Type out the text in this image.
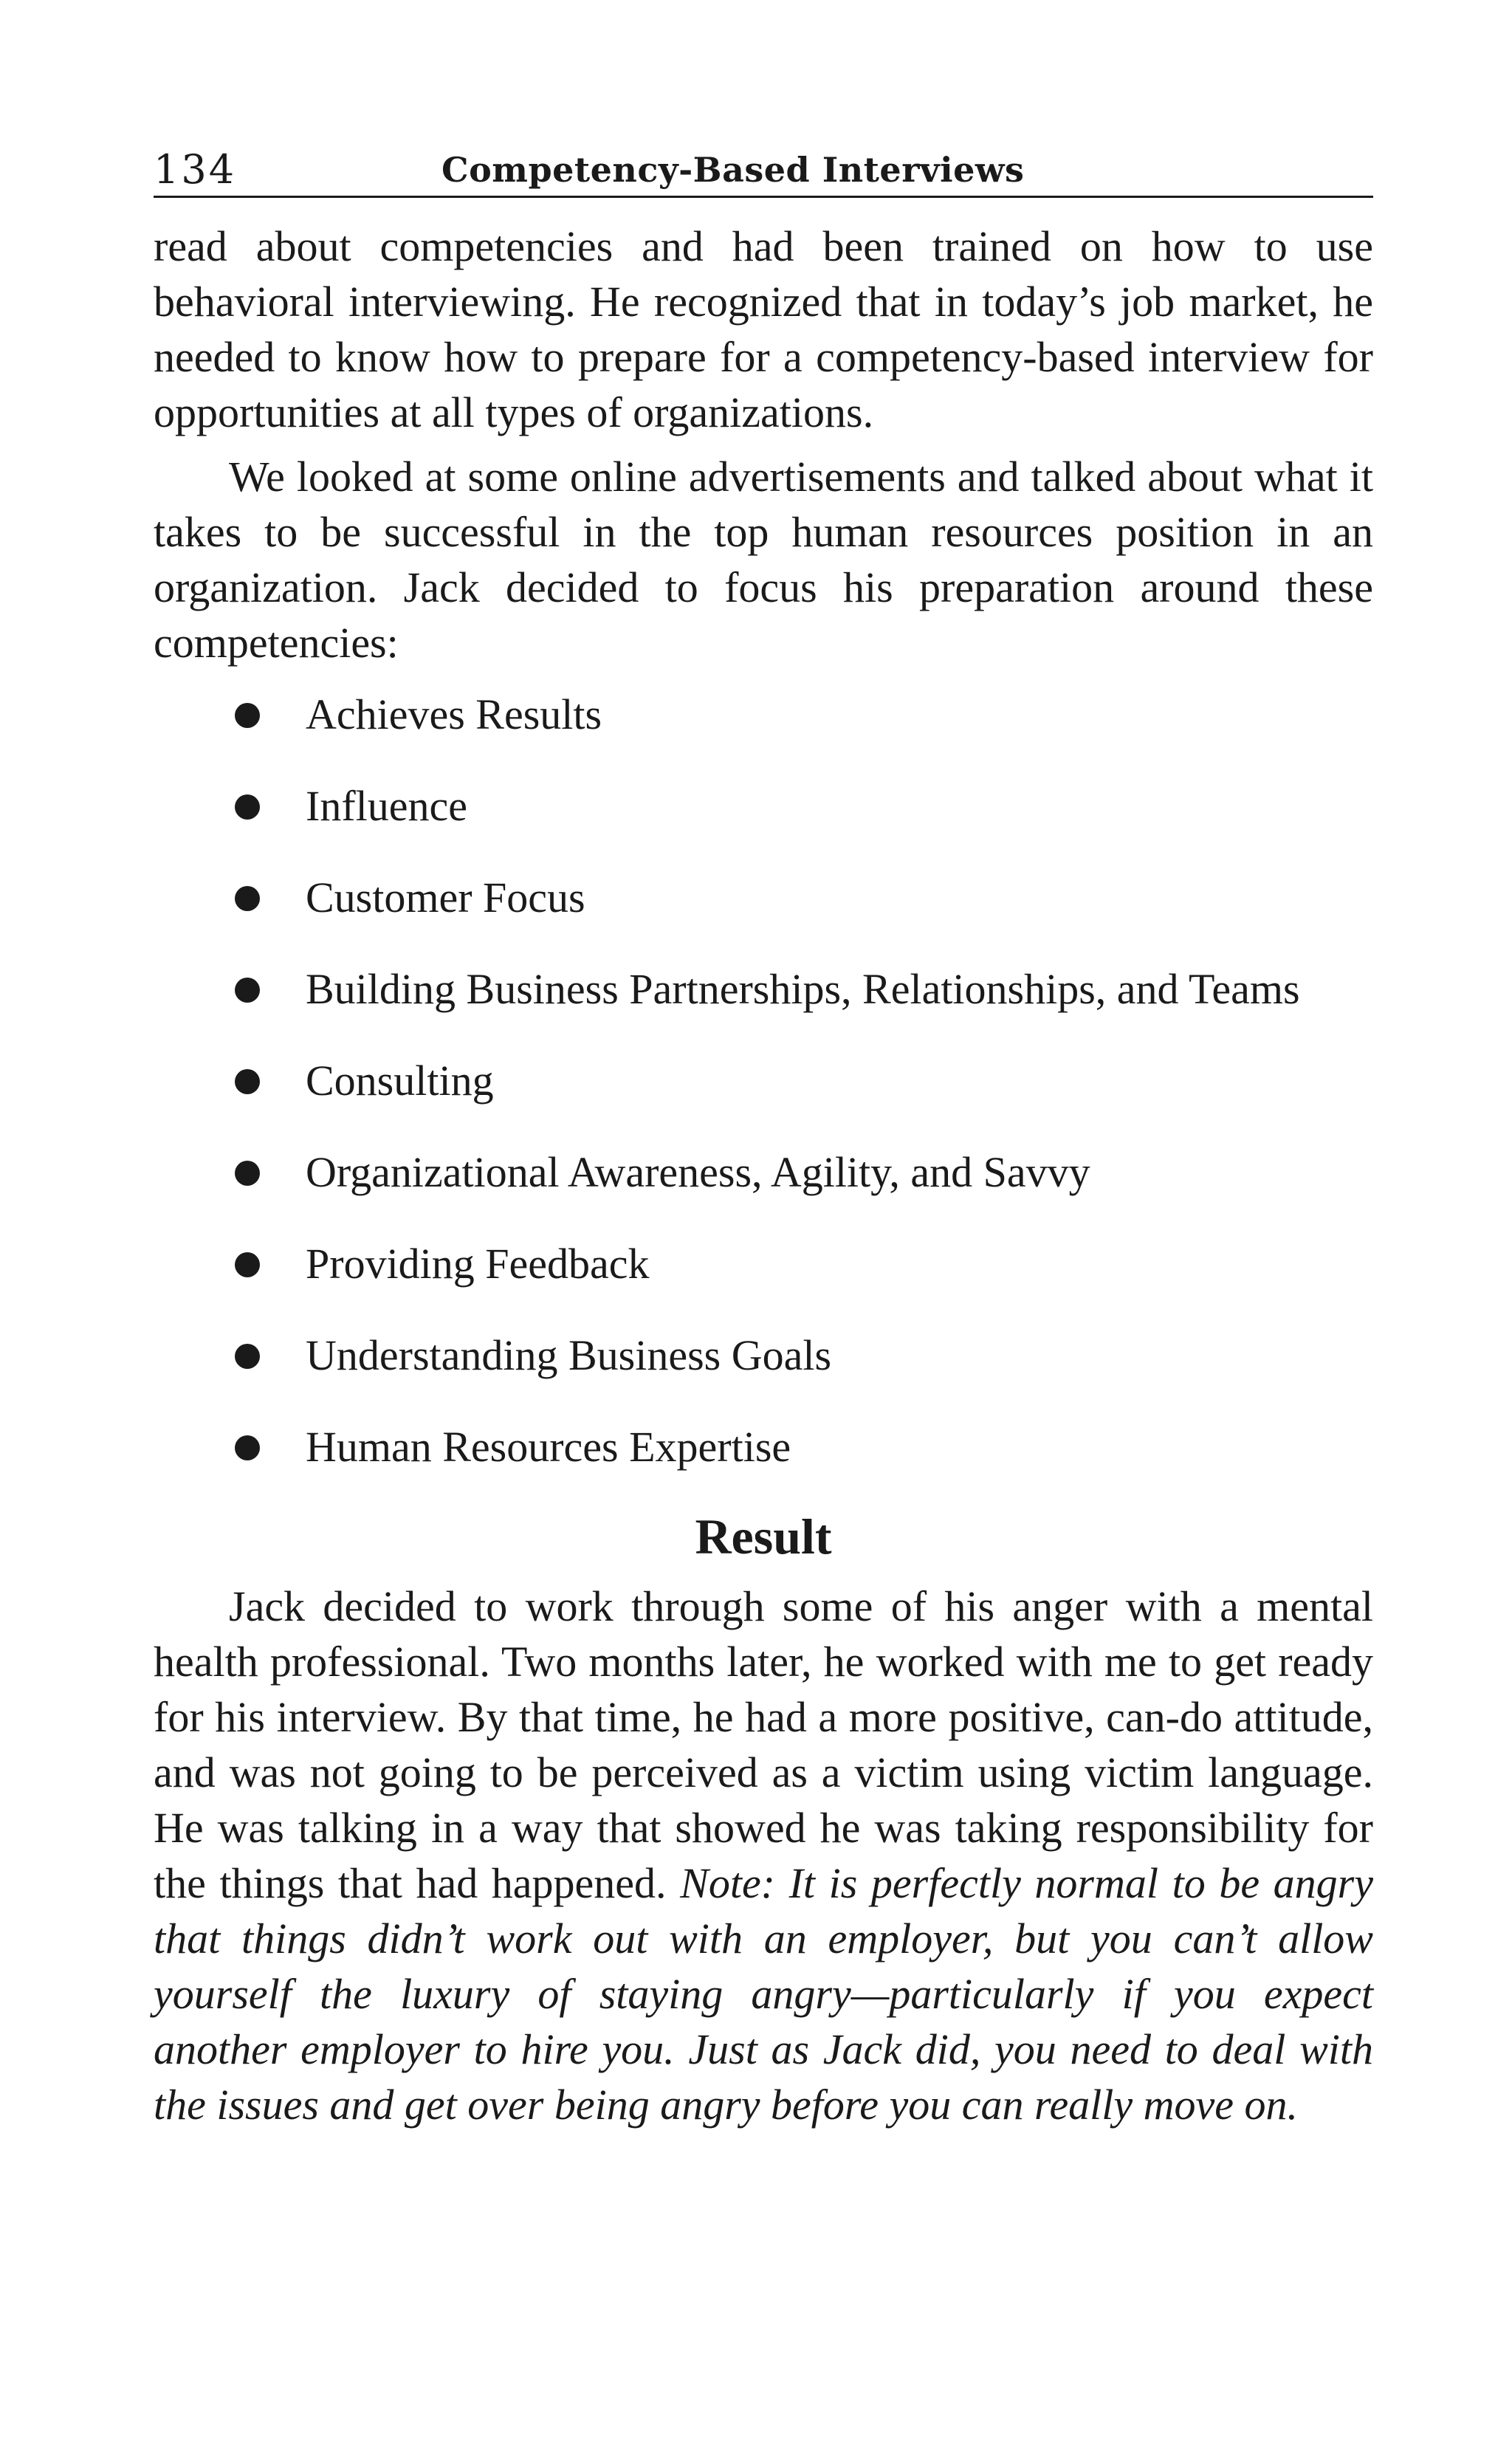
134	Competency-Based Interviews

read about competencies and had been trained on how to use behavioral interviewing. He recognized that in today’s job market, he needed to know how to prepare for a competency-based interview for opportunities at all types of organizations.

We looked at some online advertisements and talked about what it takes to be successful in the top human resources position in an organization. Jack decided to focus his preparation around these competencies:

Achieves Results
Influence
Customer Focus
Building Business Partnerships, Relationships, and Teams
Consulting
Organizational Awareness, Agility, and Savvy
Providing Feedback
Understanding Business Goals
Human Resources Expertise
Result

Jack decided to work through some of his anger with a mental health professional. Two months later, he worked with me to get ready for his interview. By that time, he had a more positive, can-do attitude, and was not going to be perceived as a victim using victim language. He was talking in a way that showed he was taking responsibility for the things that had happened. Note: It is perfectly normal to be angry that things didn’t work out with an employer, but you can’t allow yourself the luxury of staying angry—particularly if you expect another employer to hire you. Just as Jack did, you need to deal with the issues and get over being angry before you can really move on.
